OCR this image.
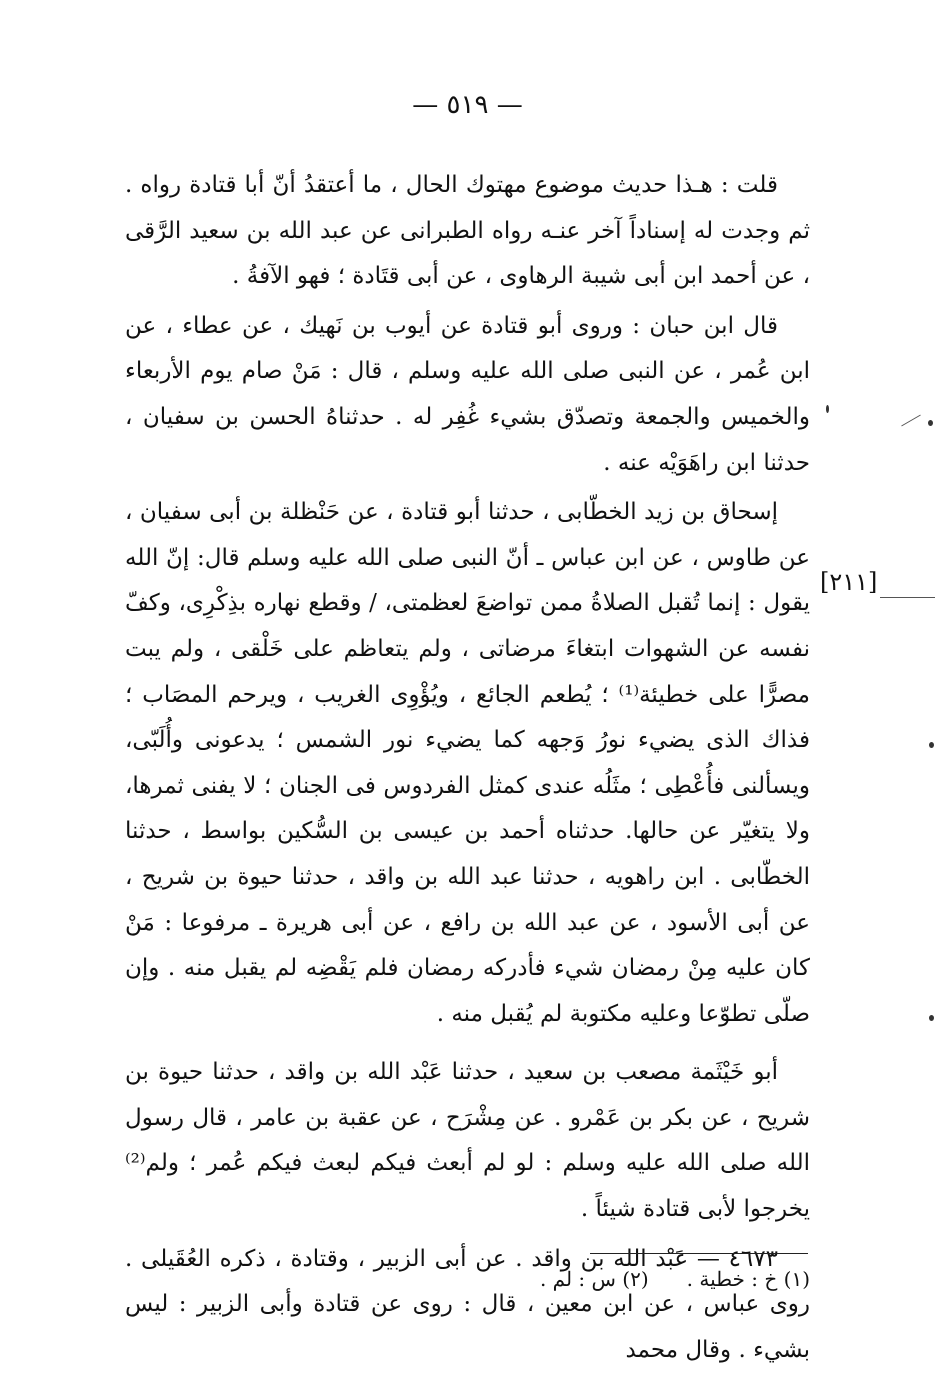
— ٥١٩ —
[٢١١]

قلت : هـذا حديث موضوع مهتوك الحال ، ما أعتقدُ أنّ أبا قتادة رواه . ثم وجدت له إسناداً آخر عنـه رواه الطبرانى عن عبد الله بن سعيد الرَّقى ، عن أحمد ابن أبى شيبة الرهاوى ، عن أبى قتَادة ؛ فهو الآفةُ .

قال ابن حبان : وروى أبو قتادة عن أيوب بن نَهيك ، عن عطاء ، عن ابن عُمر ، عن النبى صلى الله عليه وسلم ، قال : مَنْ صام يوم الأربعاء والخميس والجمعة وتصدّق بشيء غُفِر له . حدثناهُ الحسن بن سفيان ، حدثنا ابن راهَوَيْه عنه .

إسحاق بن زيد الخطّابى ، حدثنا أبو قتادة ، عن حَنْظلة بن أبى سفيان ، عن طاوس ، عن ابن عباس ـ أنّ النبى صلى الله عليه وسلم قال: إنّ الله يقول : إنما تُقبل الصلاةُ ممن تواضعَ لعظمتى، / وقطع نهاره بذِكْرِى، وكفّ نفسه عن الشهوات ابتغاءَ مرضاتى ، ولم يتعاظم على خَلْقى ، ولم يبت مصرًّا على خطيئة⁽¹⁾ ؛ يُطعم الجائع ، ويُؤْوِى الغريب ، ويرحم المصَاب ؛ فذاك الذى يضيء نورُ وَجهه كما يضيء نور الشمس ؛ يدعونى وأُلَبّى، ويسألنى فأُعْطِى ؛ مثَلُه عندى كمثل الفردوس فى الجنان ؛ لا يفنى ثمرها، ولا يتغيّر عن حالها. حدثناه أحمد بن عيسى بن السُّكين بواسط ، حدثنا الخطّابى . ابن راهويه ، حدثنا عبد الله بن واقد ، حدثنا حيوة بن شريح ، عن أبى الأسود ، عن عبد الله بن رافع ، عن أبى هريرة ـ مرفوعا : مَنْ كان عليه مِنْ رمضان شيء فأدركه رمضان فلم يَقْضِه لم يقبل منه . وإن صلّى تطوّعا وعليه مكتوبة لم يُقبل منه .

أبو خَيْثَمة مصعب بن سعيد ، حدثنا عَبْد الله بن واقد ، حدثنا حيوة بن شريح ، عن بكر بن عَمْرو . عن مِشْرَح ، عن عقبة بن عامر ، قال رسول الله صلى الله عليه وسلم : لو لم أبعث فيكم لبعث فيكم عُمر ؛ ولم⁽²⁾ يخرجوا لأبى قتادة شيئاً .

٤٦٧٣ — عَبْد الله بن واقد . عن أبى الزبير ، وقتادة ، ذكره العُقَيلى . روى عباس ، عن ابن معين ، قال : روى عن قتادة وأبى الزبير : ليس بشيء . وقال محمد

(١) خ : خطية .(٢) س : لم .
